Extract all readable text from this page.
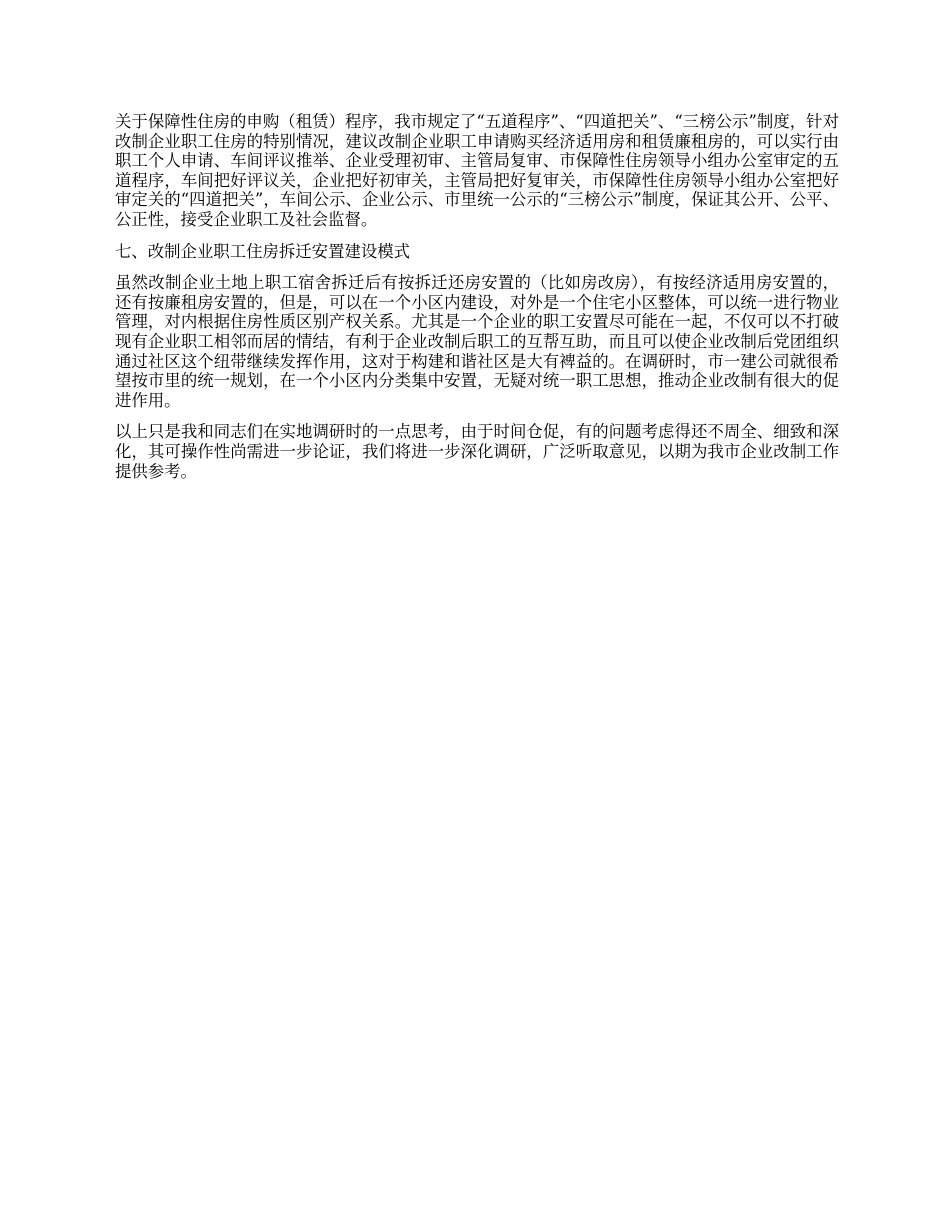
关于保障性住房的申购（租赁）程序，我市规定了“五道程序”、“四道把关”、“三榜公示”制度，针对改制企业职工住房的特别情况，建议改制企业职工申请购买经济适用房和租赁廉租房的，可以实行由职工个人申请、车间评议推举、企业受理初审、主管局复审、市保障性住房领导小组办公室审定的五道程序，车间把好评议关，企业把好初审关，主管局把好复审关，市保障性住房领导小组办公室把好审定关的“四道把关”，车间公示、企业公示、市里统一公示的“三榜公示”制度，保证其公开、公平、公正性，接受企业职工及社会监督。

七、改制企业职工住房拆迁安置建设模式

虽然改制企业土地上职工宿舍拆迁后有按拆迁还房安置的（比如房改房），有按经济适用房安置的，还有按廉租房安置的，但是，可以在一个小区内建设，对外是一个住宅小区整体，可以统一进行物业管理，对内根据住房性质区别产权关系。尤其是一个企业的职工安置尽可能在一起，不仅可以不打破现有企业职工相邻而居的情结，有利于企业改制后职工的互帮互助，而且可以使企业改制后党团组织通过社区这个纽带继续发挥作用，这对于构建和谐社区是大有裨益的。在调研时，市一建公司就很希望按市里的统一规划，在一个小区内分类集中安置，无疑对统一职工思想，推动企业改制有很大的促进作用。

以上只是我和同志们在实地调研时的一点思考，由于时间仓促，有的问题考虑得还不周全、细致和深化，其可操作性尚需进一步论证，我们将进一步深化调研，广泛听取意见，以期为我市企业改制工作提供参考。
